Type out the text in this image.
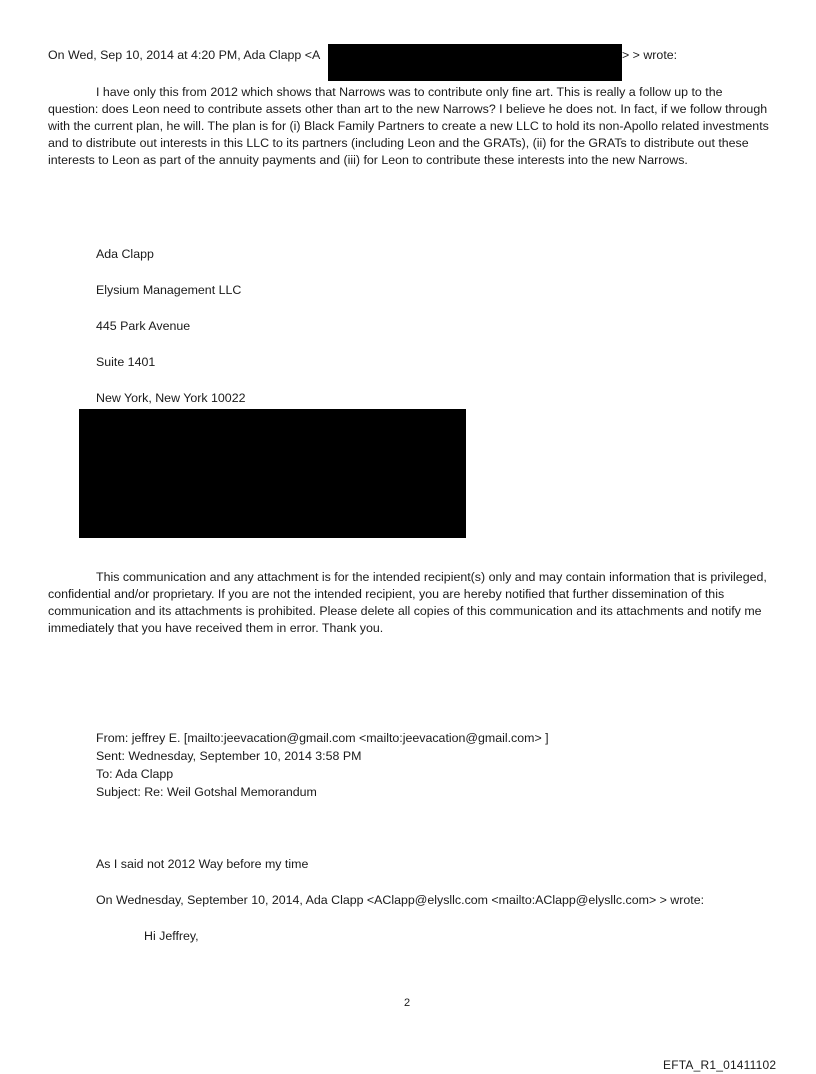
On Wed, Sep 10, 2014 at 4:20 PM, Ada Clapp <A	> > wrote:

I have only this from 2012 which shows that Narrows was to contribute only fine art. This is really a follow up to the question: does Leon need to contribute assets other than art to the new Narrows? I believe he does not. In fact, if we follow through with the current plan, he will. The plan is for (i) Black Family Partners to create a new LLC to hold its non-Apollo related investments and to distribute out interests in this LLC to its partners (including Leon and the GRATs), (ii) for the GRATs to distribute out these interests to Leon as part of the annuity payments and (iii) for Leon to contribute these interests into the new Narrows.

Ada Clapp

Elysium Management LLC

445 Park Avenue

Suite 1401

New York, New York 10022

This communication and any attachment is for the intended recipient(s) only and may contain information that is privileged, confidential and/or proprietary. If you are not the intended recipient, you are hereby notified that further dissemination of this communication and its attachments is prohibited. Please delete all copies of this communication and its attachments and notify me immediately that you have received them in error. Thank you.

From: jeffrey E. [mailto:jeevacation@gmail.com <mailto:jeevacation@gmail.com> ]

Sent: Wednesday, September 10, 2014 3:58 PM

To: Ada Clapp

Subject: Re: Weil Gotshal Memorandum

As I said not 2012 Way before my time

On Wednesday, September 10, 2014, Ada Clapp <AClapp@elysllc.com <mailto:AClapp@elysllc.com> > wrote:

Hi Jeffrey,

2

EFTA_R1_01411102
